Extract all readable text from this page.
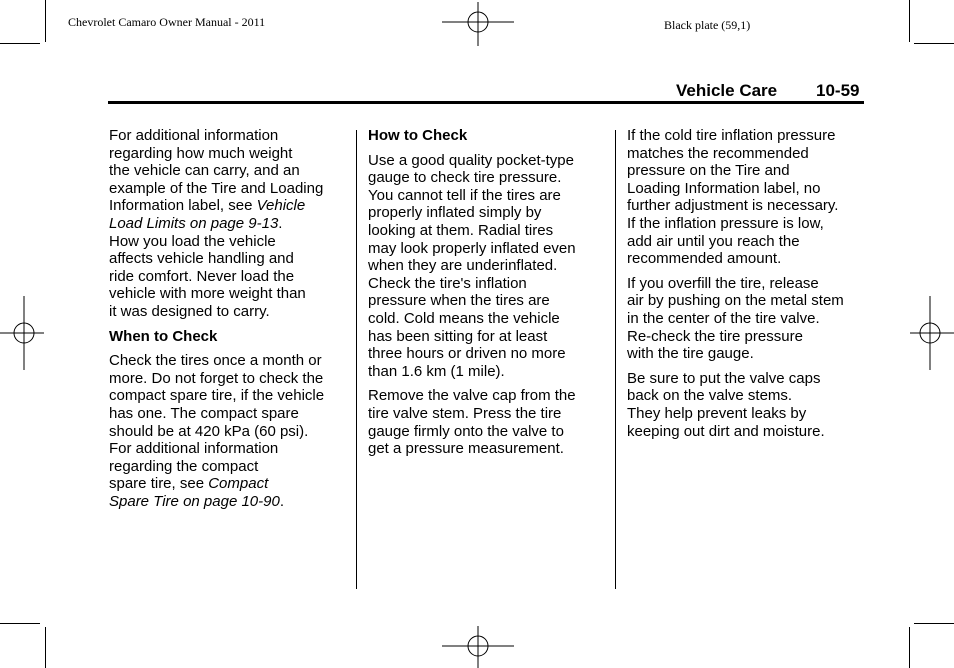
Chevrolet Camaro Owner Manual - 2011	Black plate (59,1)
Vehicle Care 10-59

For additional information
regarding how much weight
the vehicle can carry, and an
example of the Tire and Loading
Information label, see Vehicle
Load Limits on page 9-13.
How you load the vehicle
affects vehicle handling and
ride comfort. Never load the
vehicle with more weight than
it was designed to carry.

When to Check

Check the tires once a month or
more. Do not forget to check the
compact spare tire, if the vehicle
has one. The compact spare
should be at 420 kPa (60 psi).
For additional information
regarding the compact
spare tire, see Compact
Spare Tire on page 10-90.

How to Check

Use a good quality pocket-type
gauge to check tire pressure.
You cannot tell if the tires are
properly inflated simply by
looking at them. Radial tires
may look properly inflated even
when they are underinflated.
Check the tire's inflation
pressure when the tires are
cold. Cold means the vehicle
has been sitting for at least
three hours or driven no more
than 1.6 km (1 mile).

Remove the valve cap from the
tire valve stem. Press the tire
gauge firmly onto the valve to
get a pressure measurement.

If the cold tire inflation pressure
matches the recommended
pressure on the Tire and
Loading Information label, no
further adjustment is necessary.
If the inflation pressure is low,
add air until you reach the
recommended amount.

If you overfill the tire, release
air by pushing on the metal stem
in the center of the tire valve.
Re-check the tire pressure
with the tire gauge.

Be sure to put the valve caps
back on the valve stems.
They help prevent leaks by
keeping out dirt and moisture.
